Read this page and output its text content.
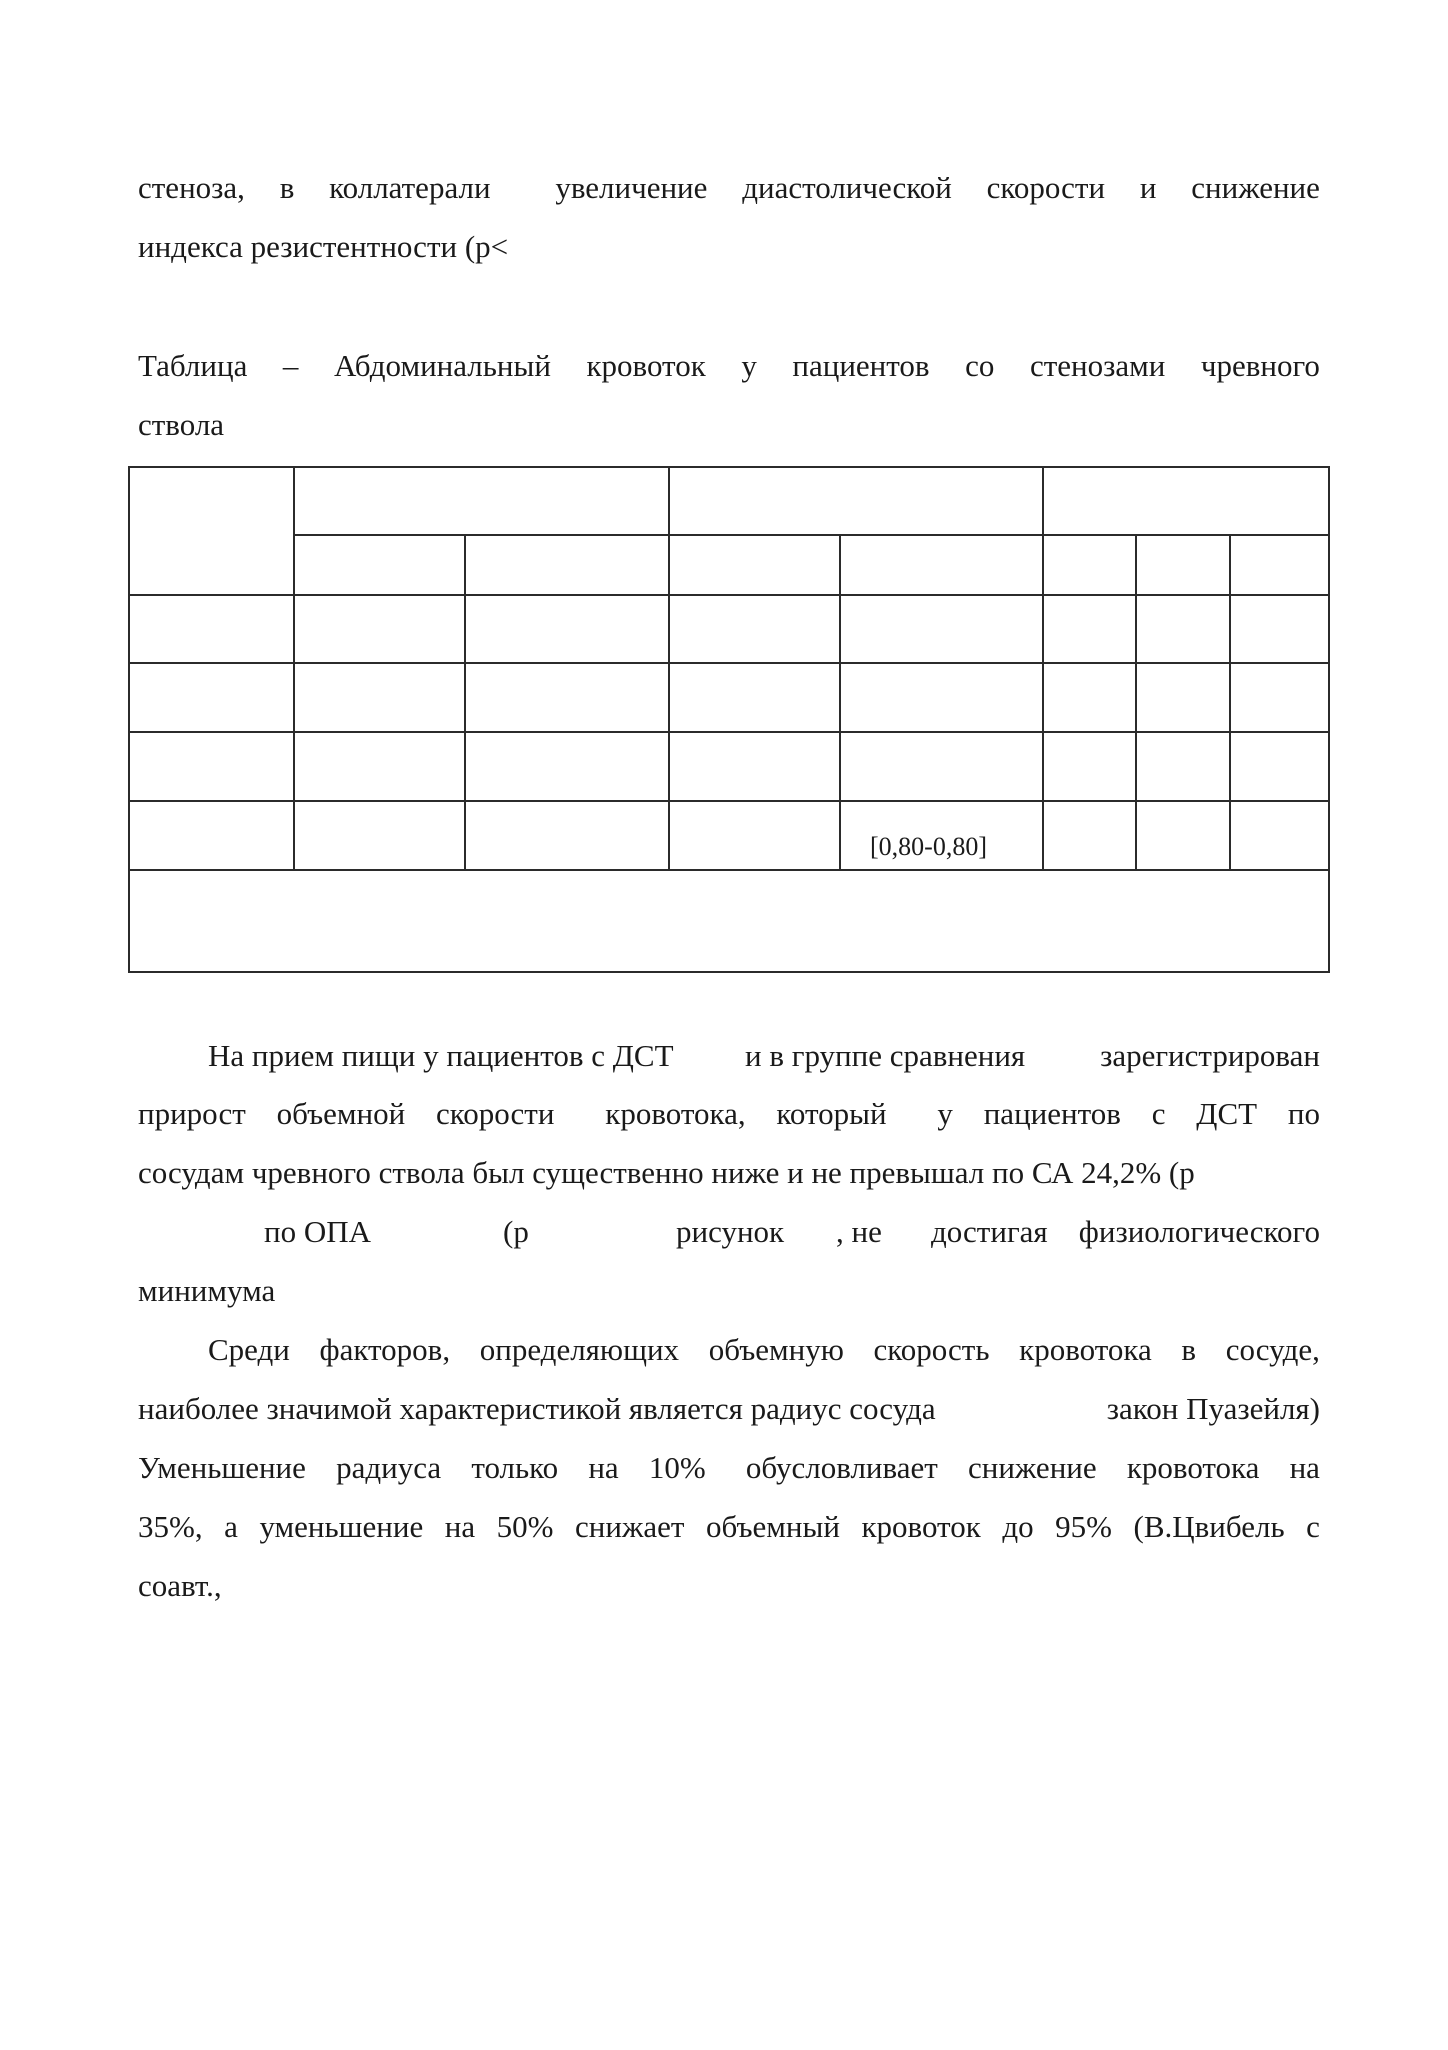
стеноза, в коллатерали увеличение диастолической скорости и снижение
индекса резистентности (р<
Таблица – Абдоминальный кровоток у пациентов со стенозами чревного
ствола
[0,80-0,80]
На прием пищи у пациентов с ДСТ и в группе сравнения зарегистрирован
прирост объемной скорости кровотока, который у пациентов с ДСТ по
сосудам чревного ствола был существенно ниже и не превышал по СА 24,2% (р
по ОПА	(р	рисунок , не достигая физиологического
минимума
Среди факторов, определяющих объемную скорость кровотока в сосуде,
наиболее значимой характеристикой является радиус сосуда	закон Пуазейля)
Уменьшение радиуса только на 10% обусловливает снижение кровотока на
35%, а уменьшение на 50% снижает объемный кровоток до 95% (В.Цвибель с
соавт.,
